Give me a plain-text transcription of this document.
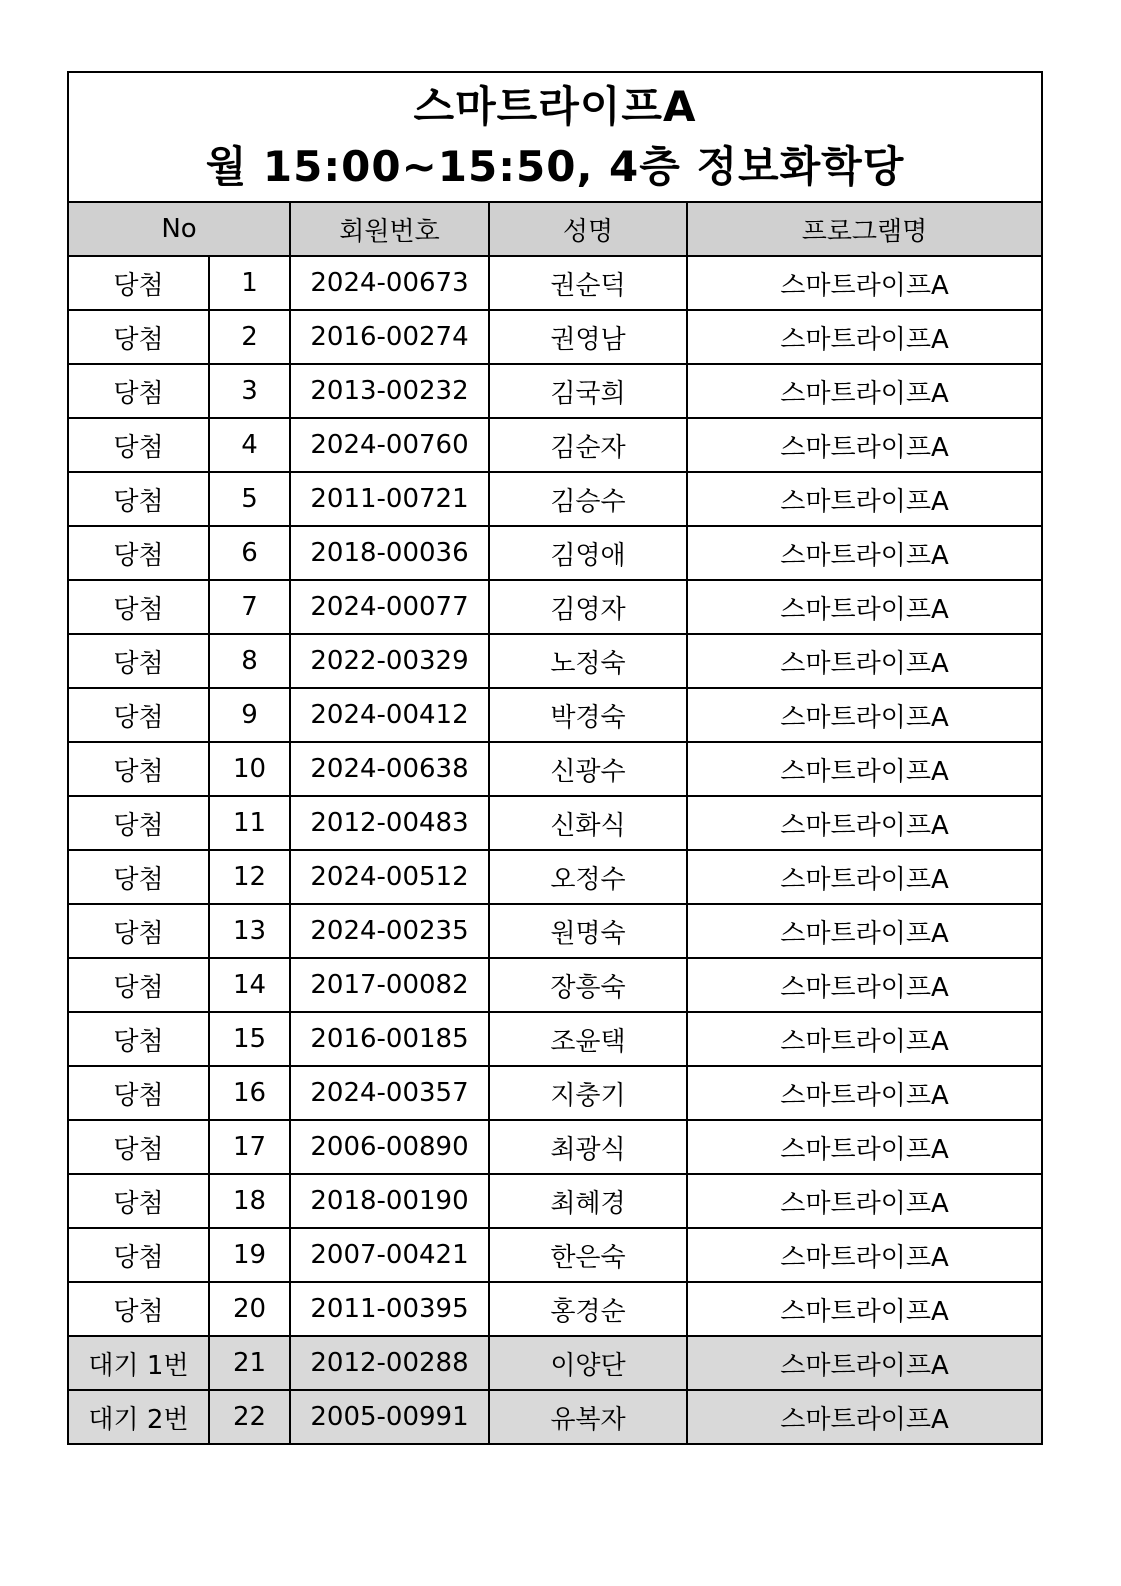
스마트라이프A
월 15:00~15:50, 4층 정보화학당				

No		회원번호	성명	프로그램명
당첨	1	2024-00673	권순덕	스마트라이프A
당첨	2	2016-00274	권영남	스마트라이프A
당첨	3	2013-00232	김국희	스마트라이프A
당첨	4	2024-00760	김순자	스마트라이프A
당첨	5	2011-00721	김승수	스마트라이프A
당첨	6	2018-00036	김영애	스마트라이프A
당첨	7	2024-00077	김영자	스마트라이프A
당첨	8	2022-00329	노정숙	스마트라이프A
당첨	9	2024-00412	박경숙	스마트라이프A
당첨	10	2024-00638	신광수	스마트라이프A
당첨	11	2012-00483	신화식	스마트라이프A
당첨	12	2024-00512	오정수	스마트라이프A
당첨	13	2024-00235	원명숙	스마트라이프A
당첨	14	2017-00082	장흥숙	스마트라이프A
당첨	15	2016-00185	조윤택	스마트라이프A
당첨	16	2024-00357	지충기	스마트라이프A
당첨	17	2006-00890	최광식	스마트라이프A
당첨	18	2018-00190	최혜경	스마트라이프A
당첨	19	2007-00421	한은숙	스마트라이프A
당첨	20	2011-00395	홍경순	스마트라이프A
대기 1번	21	2012-00288	이양단	스마트라이프A
대기 2번	22	2005-00991	유복자	스마트라이프A
